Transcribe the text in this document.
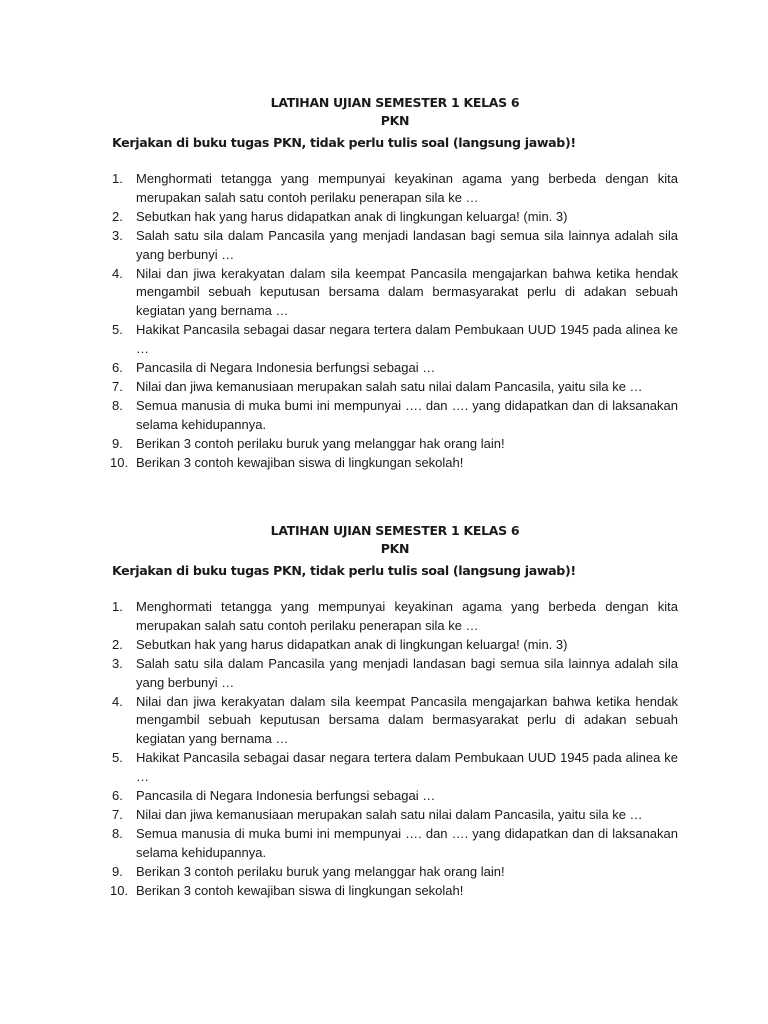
LATIHAN UJIAN SEMESTER 1 KELAS 6
PKN
Kerjakan di buku tugas PKN, tidak perlu tulis soal (langsung jawab)!
1.	Menghormati tetangga yang mempunyai keyakinan agama yang berbeda dengan kita merupakan salah satu contoh perilaku penerapan sila ke …
2.	Sebutkan hak yang harus didapatkan anak di lingkungan keluarga! (min. 3)
3.	Salah satu sila dalam Pancasila yang menjadi landasan bagi semua sila lainnya adalah sila yang berbunyi …
4.	Nilai dan jiwa kerakyatan dalam sila keempat Pancasila mengajarkan bahwa ketika hendak mengambil sebuah keputusan bersama dalam bermasyarakat perlu di adakan sebuah kegiatan yang bernama …
5.	Hakikat Pancasila sebagai dasar negara tertera dalam Pembukaan UUD 1945 pada alinea ke …
6.	Pancasila di Negara Indonesia berfungsi sebagai …
7.	Nilai dan jiwa kemanusiaan merupakan salah satu nilai dalam Pancasila, yaitu sila ke …
8.	Semua manusia di muka bumi ini mempunyai …. dan …. yang didapatkan dan di laksanakan selama kehidupannya.
9.	Berikan 3 contoh perilaku buruk yang melanggar hak orang lain!
10. Berikan 3 contoh kewajiban siswa di lingkungan sekolah!
LATIHAN UJIAN SEMESTER 1 KELAS 6
PKN
Kerjakan di buku tugas PKN, tidak perlu tulis soal (langsung jawab)!
1.	Menghormati tetangga yang mempunyai keyakinan agama yang berbeda dengan kita merupakan salah satu contoh perilaku penerapan sila ke …
2.	Sebutkan hak yang harus didapatkan anak di lingkungan keluarga! (min. 3)
3.	Salah satu sila dalam Pancasila yang menjadi landasan bagi semua sila lainnya adalah sila yang berbunyi …
4.	Nilai dan jiwa kerakyatan dalam sila keempat Pancasila mengajarkan bahwa ketika hendak mengambil sebuah keputusan bersama dalam bermasyarakat perlu di adakan sebuah kegiatan yang bernama …
5.	Hakikat Pancasila sebagai dasar negara tertera dalam Pembukaan UUD 1945 pada alinea ke …
6.	Pancasila di Negara Indonesia berfungsi sebagai …
7.	Nilai dan jiwa kemanusiaan merupakan salah satu nilai dalam Pancasila, yaitu sila ke …
8.	Semua manusia di muka bumi ini mempunyai …. dan …. yang didapatkan dan di laksanakan selama kehidupannya.
9.	Berikan 3 contoh perilaku buruk yang melanggar hak orang lain!
10. Berikan 3 contoh kewajiban siswa di lingkungan sekolah!
